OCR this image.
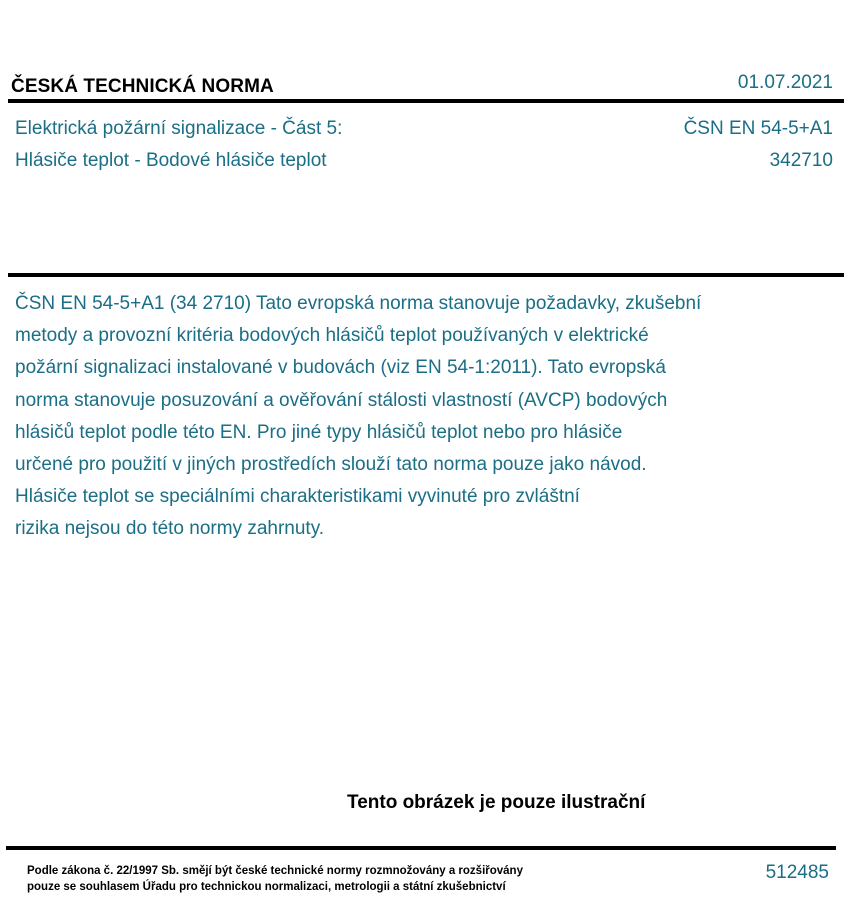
ČESKÁ TECHNICKÁ NORMA	01.07.2021
Elektrická požární signalizace - Část 5:
Hlásiče teplot - Bodové hlásiče teplot
ČSN EN 54-5+A1
342710
ČSN EN 54-5+A1 (34 2710) Tato evropská norma stanovuje požadavky, zkušební
metody a provozní kritéria bodových hlásičů teplot používaných v elektrické
požární signalizaci instalované v budovách (viz EN 54-1:2011). Tato evropská
norma stanovuje posuzování a ověřování stálosti vlastností (AVCP) bodových
hlásičů teplot podle této EN. Pro jiné typy hlásičů teplot nebo pro hlásiče
určené pro použití v jiných prostředích slouží tato norma pouze jako návod.
Hlásiče teplot se speciálními charakteristikami vyvinuté pro zvláštní
rizika nejsou do této normy zahrnuty.
Tento obrázek je pouze ilustrační
Podle zákona č. 22/1997 Sb. smějí být české technické normy rozmnožovány a rozšiřovány
pouze se souhlasem Úřadu pro technickou normalizaci, metrologii a státní zkušebnictví
512485
